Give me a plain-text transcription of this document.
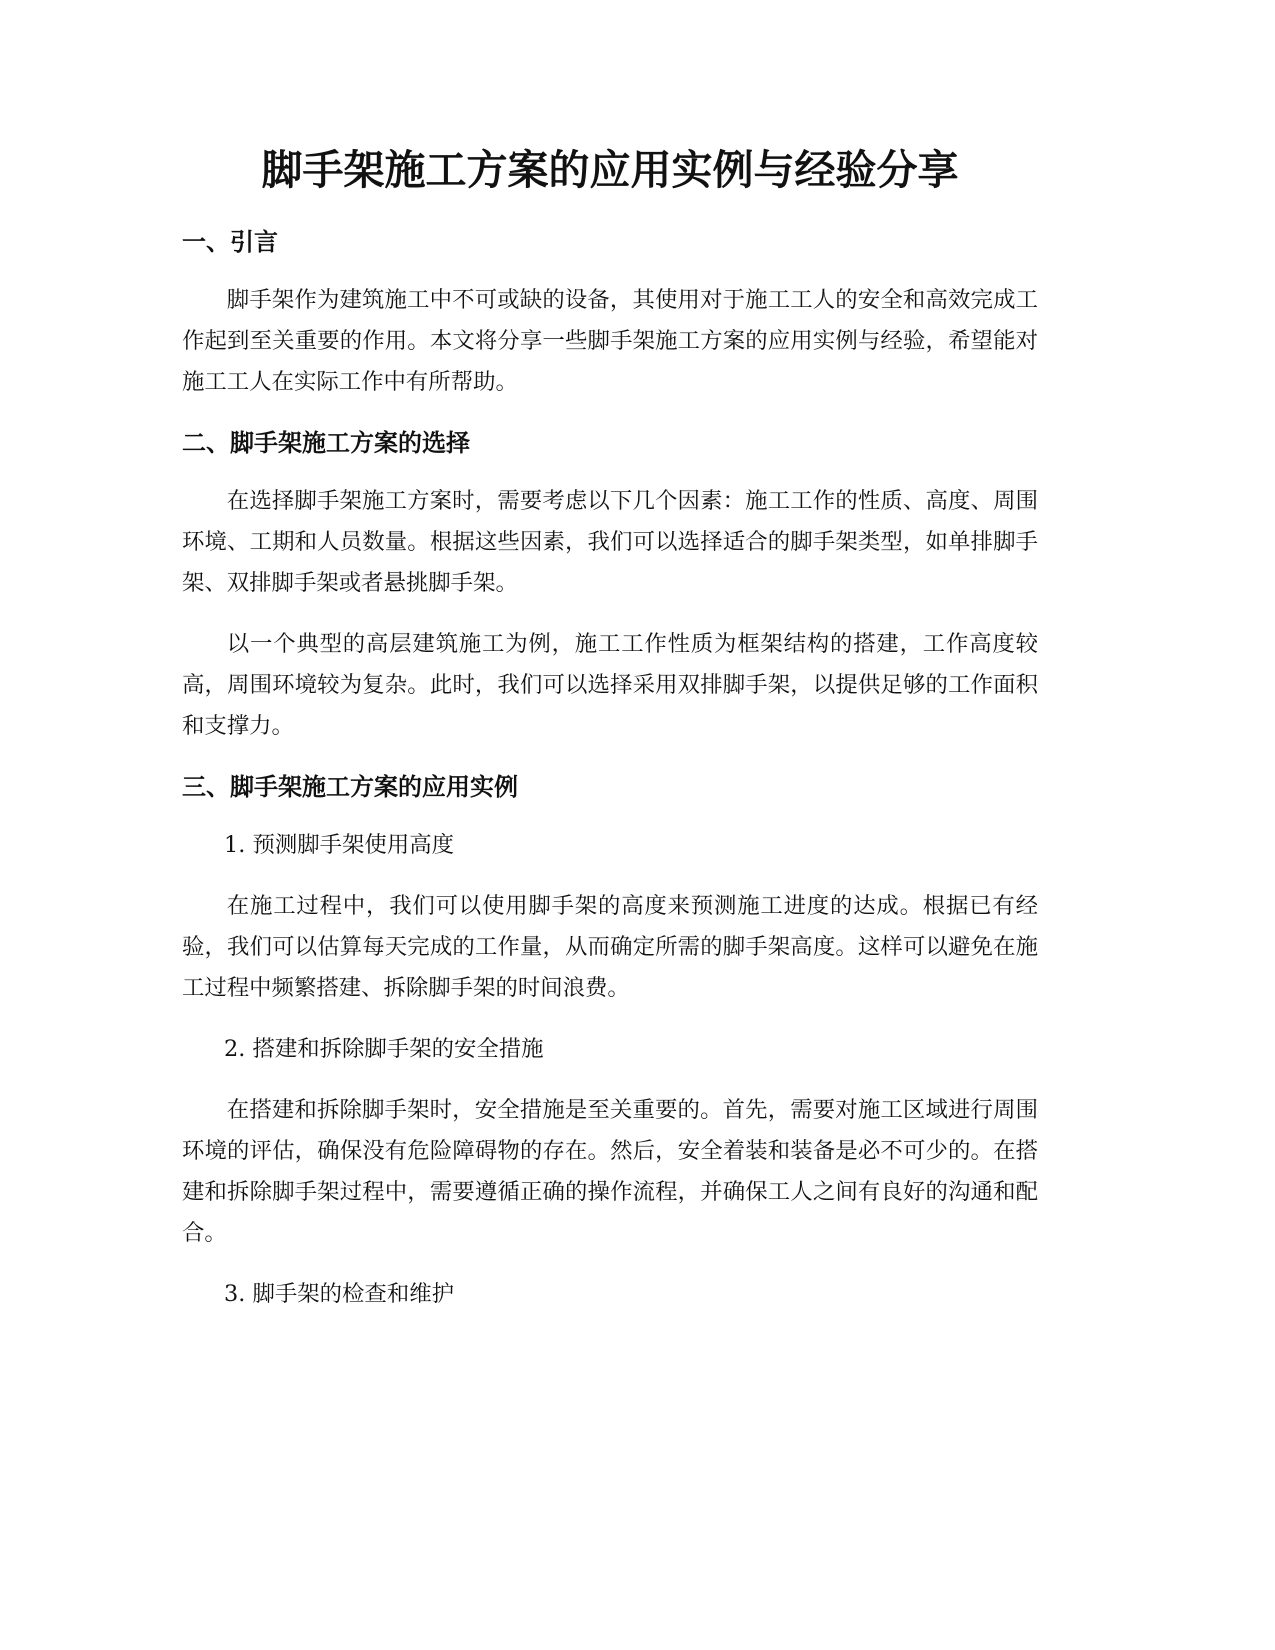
脚手架施工方案的应用实例与经验分享
一、引言

脚手架作为建筑施工中不可或缺的设备，其使用对于施工工人的安全和高效完成工作起到至关重要的作用。本文将分享一些脚手架施工方案的应用实例与经验，希望能对施工工人在实际工作中有所帮助。

二、脚手架施工方案的选择

在选择脚手架施工方案时，需要考虑以下几个因素：施工工作的性质、高度、周围环境、工期和人员数量。根据这些因素，我们可以选择适合的脚手架类型，如单排脚手架、双排脚手架或者悬挑脚手架。

以一个典型的高层建筑施工为例，施工工作性质为框架结构的搭建，工作高度较高，周围环境较为复杂。此时，我们可以选择采用双排脚手架，以提供足够的工作面积和支撑力。

三、脚手架施工方案的应用实例
1. 预测脚手架使用高度

在施工过程中，我们可以使用脚手架的高度来预测施工进度的达成。根据已有经验，我们可以估算每天完成的工作量，从而确定所需的脚手架高度。这样可以避免在施工过程中频繁搭建、拆除脚手架的时间浪费。

2. 搭建和拆除脚手架的安全措施

在搭建和拆除脚手架时，安全措施是至关重要的。首先，需要对施工区域进行周围环境的评估，确保没有危险障碍物的存在。然后，安全着装和装备是必不可少的。在搭建和拆除脚手架过程中，需要遵循正确的操作流程，并确保工人之间有良好的沟通和配合。

3. 脚手架的检查和维护
